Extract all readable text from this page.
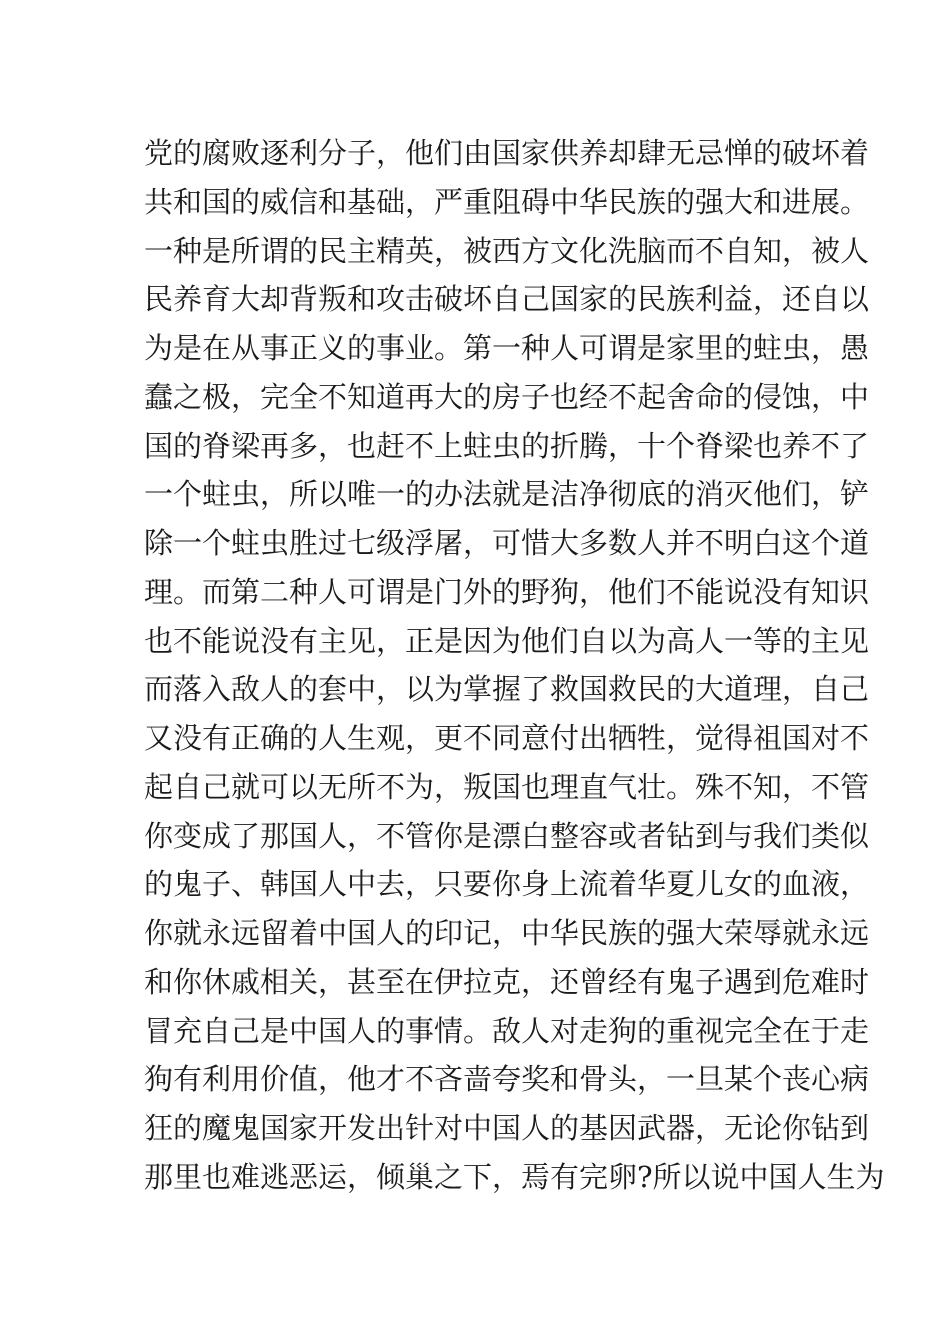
党的腐败逐利分子，他们由国家供养却肆无忌惮的破坏着
共和国的威信和基础，严重阻碍中华民族的强大和进展。
一种是所谓的民主精英，被西方文化洗脑而不自知，被人
民养育大却背叛和攻击破坏自己国家的民族利益，还自以
为是在从事正义的事业。第一种人可谓是家里的蛀虫，愚
蠢之极，完全不知道再大的房子也经不起舍命的侵蚀，中
国的脊梁再多，也赶不上蛀虫的折腾，十个脊梁也养不了
一个蛀虫，所以唯一的办法就是洁净彻底的消灭他们，铲
除一个蛀虫胜过七级浮屠，可惜大多数人并不明白这个道
理。而第二种人可谓是门外的野狗，他们不能说没有知识
也不能说没有主见，正是因为他们自以为高人一等的主见
而落入敌人的套中，以为掌握了救国救民的大道理，自己
又没有正确的人生观，更不同意付出牺牲，觉得祖国对不
起自己就可以无所不为，叛国也理直气壮。殊不知，不管
你变成了那国人，不管你是漂白整容或者钻到与我们类似
的鬼子、韩国人中去，只要你身上流着华夏儿女的血液，
你就永远留着中国人的印记，中华民族的强大荣辱就永远
和你休戚相关，甚至在伊拉克，还曾经有鬼子遇到危难时
冒充自己是中国人的事情。敌人对走狗的重视完全在于走
狗有利用价值，他才不吝啬夸奖和骨头，一旦某个丧心病
狂的魔鬼国家开发出针对中国人的基因武器，无论你钻到
那里也难逃恶运，倾巢之下，焉有完卵?所以说中国人生为
